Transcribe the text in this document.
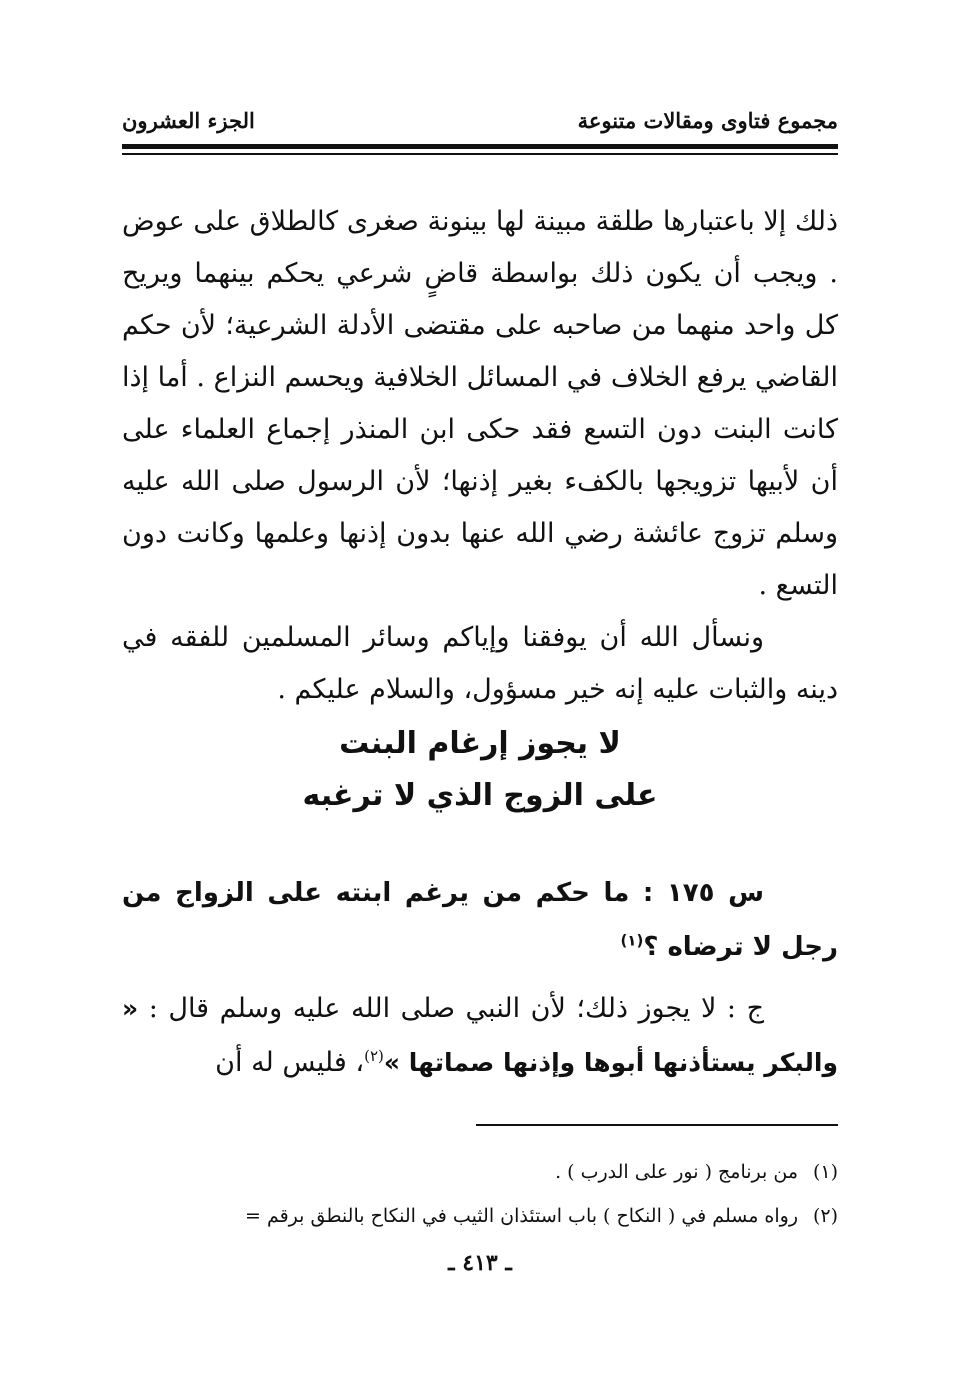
مجموع فتاوى ومقالات متنوعة
الجزء العشرون

ذلك إلا باعتبارها طلقة مبينة لها بينونة صغرى كالطلاق على عوض . ويجب أن يكون ذلك بواسطة قاضٍ شرعي يحكم بينهما ويريح كل واحد منهما من صاحبه على مقتضى الأدلة الشرعية؛ لأن حكم القاضي يرفع الخلاف في المسائل الخلافية ويحسم النزاع . أما إذا كانت البنت دون التسع فقد حكى ابن المنذر إجماع العلماء على أن لأبيها تزويجها بالكفء بغير إذنها؛ لأن الرسول صلى الله عليه وسلم تزوج عائشة رضي الله عنها بدون إذنها وعلمها وكانت دون التسع .

ونسأل الله أن يوفقنا وإياكم وسائر المسلمين للفقه في دينه والثبات عليه إنه خير مسؤول، والسلام عليكم .

لا يجوز إرغام البنت
على الزوج الذي لا ترغبه

س ١٧٥ : ما حكم من يرغم ابنته على الزواج من رجل لا ترضاه ؟$^{(١)}$

ج : لا يجوز ذلك؛ لأن النبي صلى الله عليه وسلم قال : « والبكر يستأذنها أبوها وإذنها صماتها »$^{(٢)}$، فليس له أن

(١)
من برنامج ( نور على الدرب ) .
(٢)
رواه مسلم في ( النكاح ) باب استئذان الثيب في النكاح بالنطق برقم =
ـ ٤١٣ ـ
